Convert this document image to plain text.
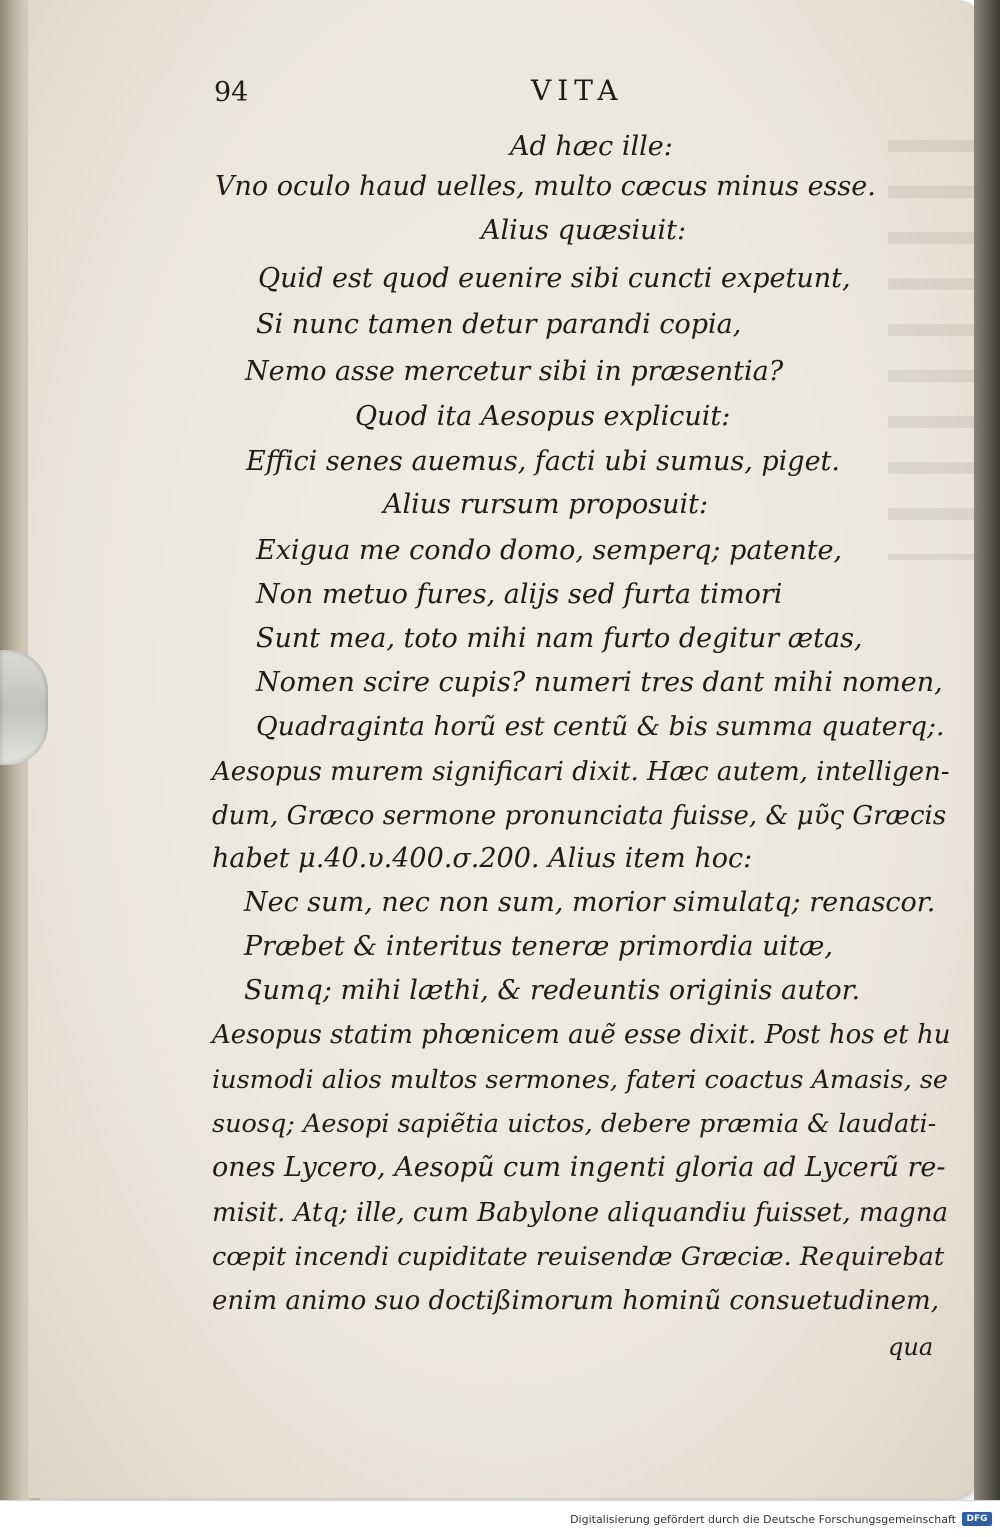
94	VITA
Ad hæc ille:
Vno oculo haud uelles, multo cæcus minus esse.
Alius quæsiuit:
Quid est quod euenire sibi cuncti expetunt,
Si nunc tamen detur parandi copia,
Nemo asse mercetur sibi in præsentia?
Quod ita Aesopus explicuit:
Effici senes auemus, facti ubi sumus, piget.
Alius rursum proposuit:
Exigua me condo domo, semperq; patente,
Non metuo fures, alijs sed furta timori
Sunt mea, toto mihi nam furto degitur ætas,
Nomen scire cupis? numeri tres dant mihi nomen,
Quadraginta horũ est centũ & bis summa quaterq;.
Aesopus murem significari dixit. Hæc autem, intelligen-
dum, Græco sermone pronunciata fuisse, & μῦς Græcis
habet μ.40.υ.400.σ.200. Alius item hoc:
Nec sum, nec non sum, morior simulatq; renascor.
Præbet & interitus teneræ primordia uitæ,
Sumq; mihi læthi, & redeuntis originis autor.
Aesopus statim phœnicem auẽ esse dixit. Post hos et hu
iusmodi alios multos sermones, fateri coactus Amasis, se
suosq; Aesopi sapiẽtia uictos, debere præmia & laudati-
ones Lycero, Aesopũ cum ingenti gloria ad Lycerũ re-
misit. Atq; ille, cum Babylone aliquandiu fuisset, magna
cœpit incendi cupiditate reuisendæ Græciæ. Requirebat
enim animo suo doctißimorum hominũ consuetudinem,
qua
Digitalisierung gefördert durch die Deutsche Forschungsgemeinschaft	DFG
